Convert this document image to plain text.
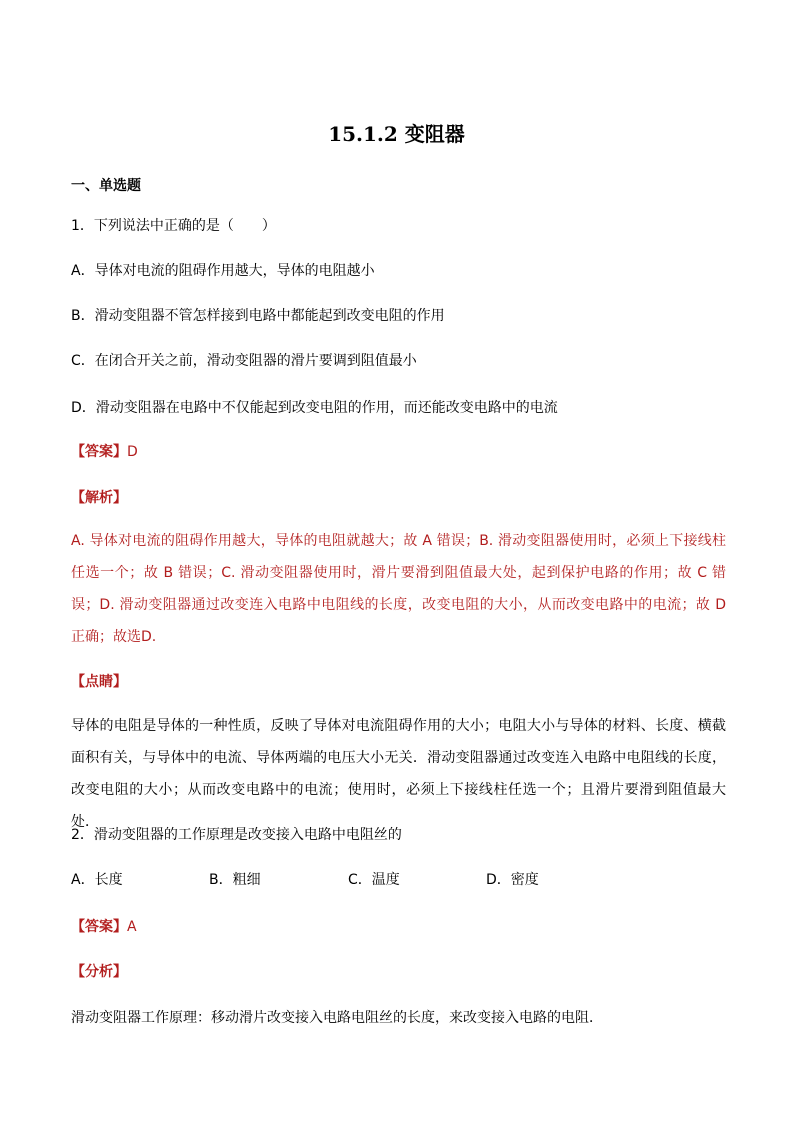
15.1.2 变阻器
一、单选题
1．下列说法中正确的是（　　）
A．导体对电流的阻碍作用越大，导体的电阻越小
B．滑动变阻器不管怎样接到电路中都能起到改变电阻的作用
C．在闭合开关之前，滑动变阻器的滑片要调到阻值最小
D．滑动变阻器在电路中不仅能起到改变电阻的作用，而还能改变电路中的电流
【答案】D
【解析】
A. 导体对电流的阻碍作用越大，导体的电阻就越大；故 A 错误；B. 滑动变阻器使用时，必须上下接线柱任选一个；故 B 错误；C. 滑动变阻器使用时，滑片要滑到阻值最大处，起到保护电路的作用；故 C 错误；D. 滑动变阻器通过改变连入电路中电阻线的长度，改变电阻的大小，从而改变电路中的电流；故 D 正确；故选D.
【点睛】
导体的电阻是导体的一种性质，反映了导体对电流阻碍作用的大小；电阻大小与导体的材料、长度、横截面积有关，与导体中的电流、导体两端的电压大小无关．滑动变阻器通过改变连入电路中电阻线的长度，改变电阻的大小；从而改变电路中的电流；使用时，必须上下接线柱任选一个；且滑片要滑到阻值最大处．
2．滑动变阻器的工作原理是改变接入电路中电阻丝的
A．长度	B．粗细	C．温度	D．密度
【答案】A
【分析】
滑动变阻器工作原理：移动滑片改变接入电路电阻丝的长度，来改变接入电路的电阻．
